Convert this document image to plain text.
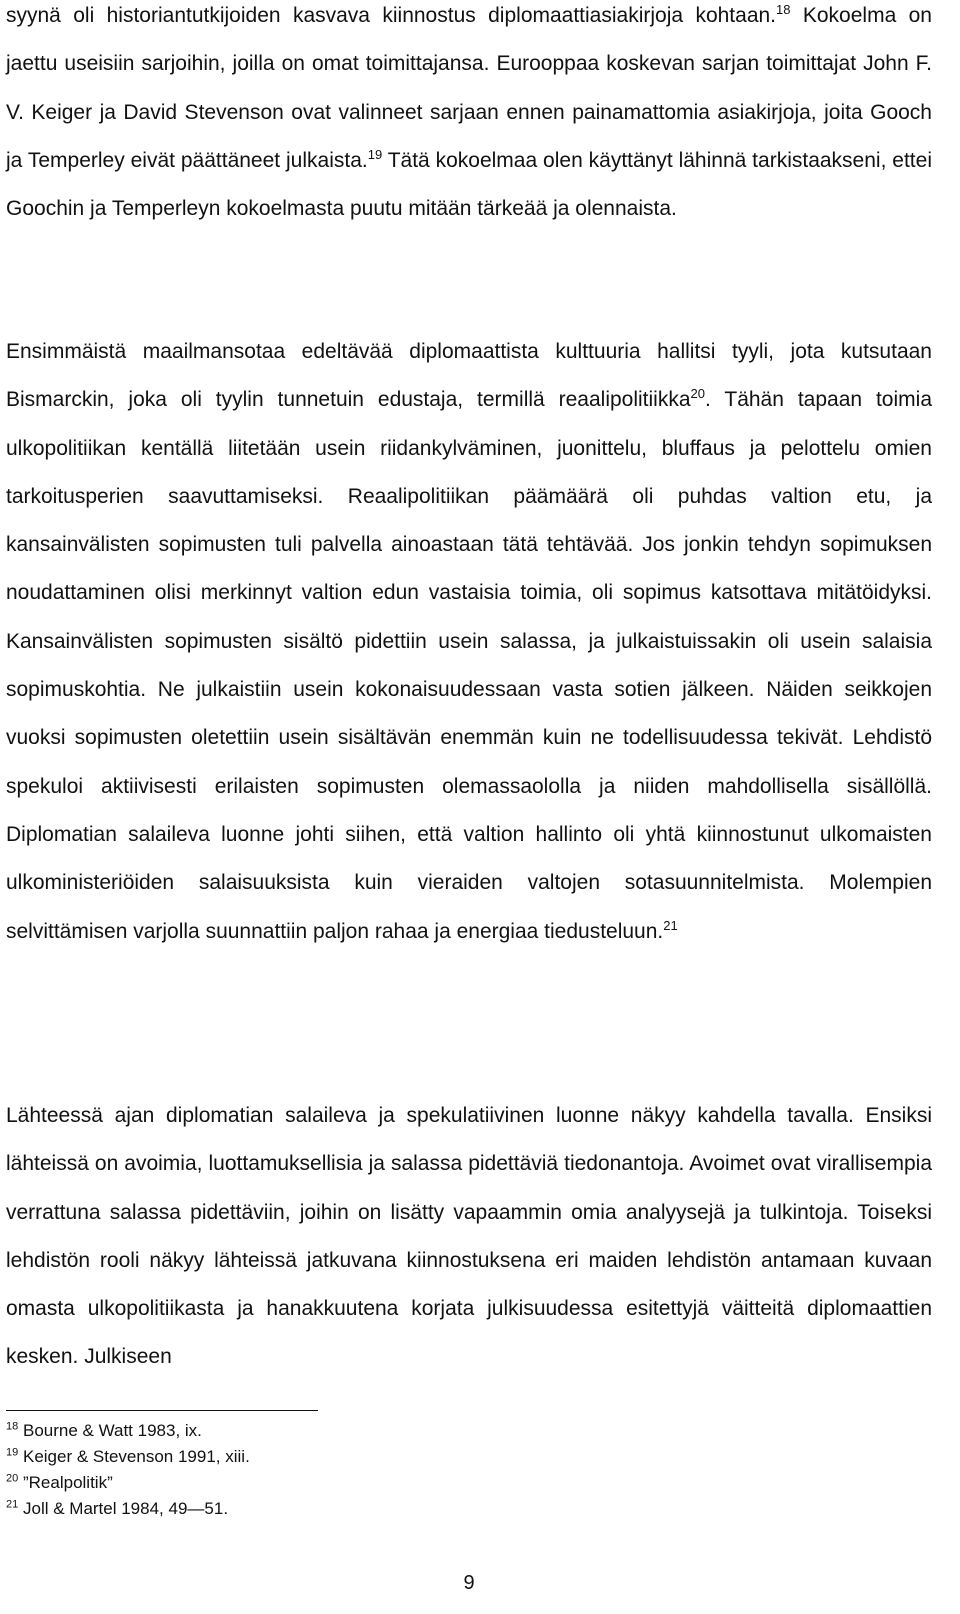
syynä oli historiantutkijoiden kasvava kiinnostus diplomaattiasiakirjoja kohtaan.$^{18}$ Kokoelma on jaettu useisiin sarjoihin, joilla on omat toimittajansa. Eurooppaa koskevan sarjan toimittajat John F. V. Keiger ja David Stevenson ovat valinneet sarjaan ennen painamattomia asiakirjoja, joita Gooch ja Temperley eivät päättäneet julkaista.$^{19}$ Tätä kokoelmaa olen käyttänyt lähinnä tarkistaakseni, ettei Goochin ja Temperleyn kokoelmasta puutu mitään tärkeää ja olennaista.

Ensimmäistä maailmansotaa edeltävää diplomaattista kulttuuria hallitsi tyyli, jota kutsutaan Bismarckin, joka oli tyylin tunnetuin edustaja, termillä reaalipolitiikka$^{20}$. Tähän tapaan toimia ulkopolitiikan kentällä liitetään usein riidankylväminen, juonittelu, bluffaus ja pelottelu omien tarkoitusperien saavuttamiseksi. Reaalipolitiikan päämäärä oli puhdas valtion etu, ja kansainvälisten sopimusten tuli palvella ainoastaan tätä tehtävää. Jos jonkin tehdyn sopimuksen noudattaminen olisi merkinnyt valtion edun vastaisia toimia, oli sopimus katsottava mitätöidyksi. Kansainvälisten sopimusten sisältö pidettiin usein salassa, ja julkaistuissakin oli usein salaisia sopimuskohtia. Ne julkaistiin usein kokonaisuudessaan vasta sotien jälkeen. Näiden seikkojen vuoksi sopimusten oletettiin usein sisältävän enemmän kuin ne todellisuudessa tekivät. Lehdistö spekuloi aktiivisesti erilaisten sopimusten olemassaololla ja niiden mahdollisella sisällöllä. Diplomatian salaileva luonne johti siihen, että valtion hallinto oli yhtä kiinnostunut ulkomaisten ulkoministeriöiden salaisuuksista kuin vieraiden valtojen sotasuunnitelmista. Molempien selvittämisen varjolla suunnattiin paljon rahaa ja energiaa tiedusteluun.$^{21}$

Lähteessä ajan diplomatian salaileva ja spekulatiivinen luonne näkyy kahdella tavalla. Ensiksi lähteissä on avoimia, luottamuksellisia ja salassa pidettäviä tiedonantoja. Avoimet ovat virallisempia verrattuna salassa pidettäviin, joihin on lisätty vapaammin omia analyysejä ja tulkintoja. Toiseksi lehdistön rooli näkyy lähteissä jatkuvana kiinnostuksena eri maiden lehdistön antamaan kuvaan omasta ulkopolitiikasta ja hanakkuutena korjata julkisuudessa esitettyjä väitteitä diplomaattien kesken. Julkiseen

$^{18}$ Bourne & Watt 1983, ix.

$^{19}$ Keiger & Stevenson 1991, xiii.

$^{20}$ ”Realpolitik”

$^{21}$ Joll & Martel 1984, 49—51.

9
